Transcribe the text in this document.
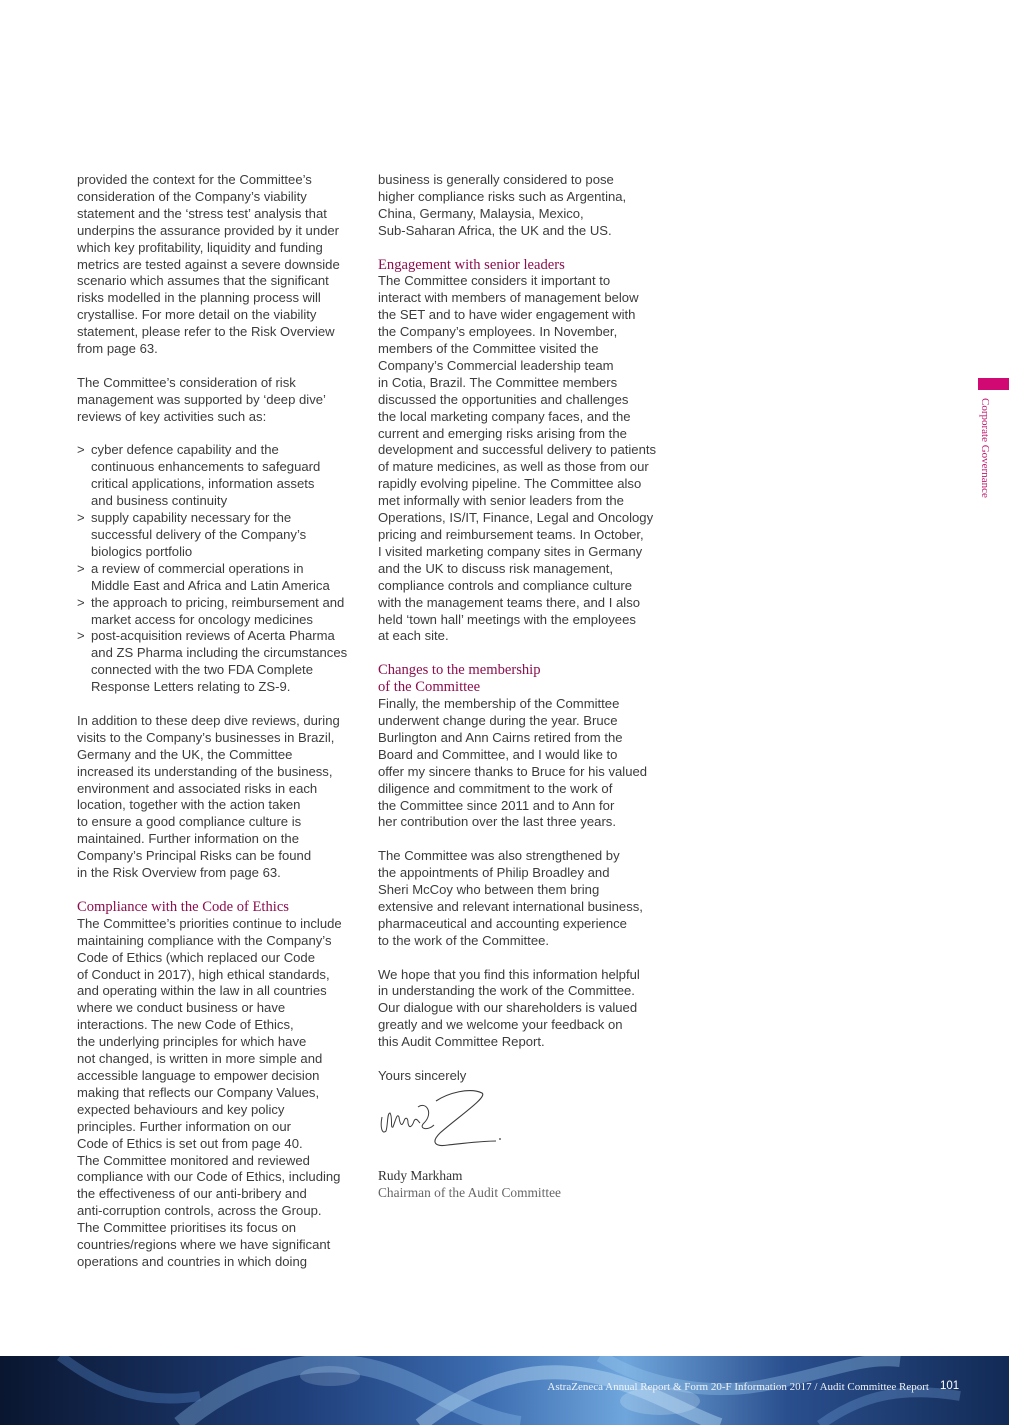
provided the context for the Committee’s
consideration of the Company’s viability
statement and the ‘stress test’ analysis that
underpins the assurance provided by it under
which key profitability, liquidity and funding
metrics are tested against a severe downside
scenario which assumes that the significant
risks modelled in the planning process will
crystallise. For more detail on the viability
statement, please refer to the Risk Overview
from page 63.

The Committee’s consideration of risk
management was supported by ‘deep dive’
reviews of key activities such as:

> cyber defence capability and the
continuous enhancements to safeguard
critical applications, information assets
and business continuity
> supply capability necessary for the
successful delivery of the Company’s
biologics portfolio
> a review of commercial operations in
Middle East and Africa and Latin America
> the approach to pricing, reimbursement and
market access for oncology medicines
> post-acquisition reviews of Acerta Pharma
and ZS Pharma including the circumstances
connected with the two FDA Complete
Response Letters relating to ZS-9.

In addition to these deep dive reviews, during
visits to the Company’s businesses in Brazil,
Germany and the UK, the Committee
increased its understanding of the business,
environment and associated risks in each
location, together with the action taken
to ensure a good compliance culture is
maintained. Further information on the
Company’s Principal Risks can be found
in the Risk Overview from page 63.

Compliance with the Code of Ethics

The Committee’s priorities continue to include
maintaining compliance with the Company’s
Code of Ethics (which replaced our Code
of Conduct in 2017), high ethical standards,
and operating within the law in all countries
where we conduct business or have
interactions. The new Code of Ethics,
the underlying principles for which have
not changed, is written in more simple and
accessible language to empower decision
making that reflects our Company Values,
expected behaviours and key policy
principles. Further information on our
Code of Ethics is set out from page 40.
The Committee monitored and reviewed
compliance with our Code of Ethics, including
the effectiveness of our anti-bribery and
anti-corruption controls, across the Group.
The Committee prioritises its focus on
countries/regions where we have significant
operations and countries in which doing

business is generally considered to pose
higher compliance risks such as Argentina,
China, Germany, Malaysia, Mexico,
Sub-Saharan Africa, the UK and the US.

Engagement with senior leaders

The Committee considers it important to
interact with members of management below
the SET and to have wider engagement with
the Company’s employees. In November,
members of the Committee visited the
Company’s Commercial leadership team
in Cotia, Brazil. The Committee members
discussed the opportunities and challenges
the local marketing company faces, and the
current and emerging risks arising from the
development and successful delivery to patients
of mature medicines, as well as those from our
rapidly evolving pipeline. The Committee also
met informally with senior leaders from the
Operations, IS/IT, Finance, Legal and Oncology
pricing and reimbursement teams. In October,
I visited marketing company sites in Germany
and the UK to discuss risk management,
compliance controls and compliance culture
with the management teams there, and I also
held ‘town hall’ meetings with the employees
at each site.

Changes to the membership
of the Committee

Finally, the membership of the Committee
underwent change during the year. Bruce
Burlington and Ann Cairns retired from the
Board and Committee, and I would like to
offer my sincere thanks to Bruce for his valued
diligence and commitment to the work of
the Committee since 2011 and to Ann for
her contribution over the last three years.

The Committee was also strengthened by
the appointments of Philip Broadley and
Sheri McCoy who between them bring
extensive and relevant international business,
pharmaceutical and accounting experience
to the work of the Committee.

We hope that you find this information helpful
in understanding the work of the Committee.
Our dialogue with our shareholders is valued
greatly and we welcome your feedback on
this Audit Committee Report.

Yours sincerely

Rudy Markham
Chairman of the Audit Committee
Corporate Governance
AstraZeneca Annual Report & Form 20-F Information 2017 / Audit Committee Report 101
